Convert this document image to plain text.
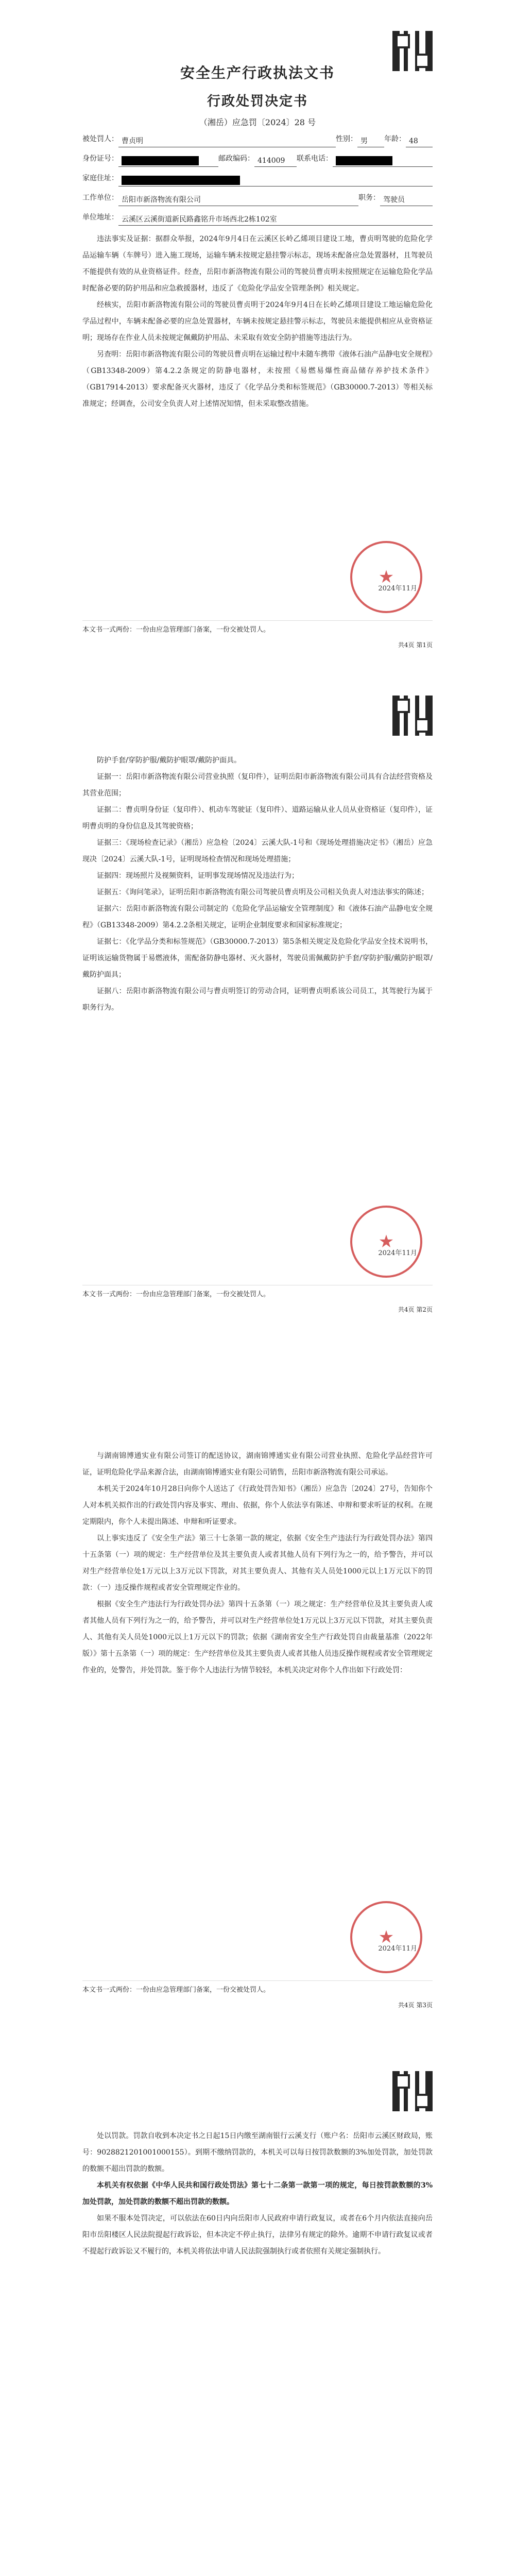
安全生产行政执法文书
行政处罚决定书
（湘岳）应急罚〔2024〕28 号
被处罚人： 曹贞明	性别： 男	年龄： 48
身份证号：	邮政编码： 414009	联系电话：
家庭住址：
工作单位： 岳阳市新洛物流有限公司	职务： 驾驶员
单位地址： 云溪区云溪街道新民路鑫铭升市场西北2栋102室

违法事实及证据：据群众举报，2024年9月4日在云溪区长岭乙烯项目建设工地，曹贞明驾驶的危险化学品运输车辆（车牌号）进入施工现场，运输车辆未按规定悬挂警示标志，现场未配备应急处置器材，且驾驶员不能提供有效的从业资格证件。经查，岳阳市新洛物流有限公司的驾驶员曹贞明未按照规定在运输危险化学品时配备必要的防护用品和应急救援器材，违反了《危险化学品安全管理条例》相关规定。

经核实，岳阳市新洛物流有限公司的驾驶员曹贞明于2024年9月4日在长岭乙烯项目建设工地运输危险化学品过程中，车辆未配备必要的应急处置器材，车辆未按规定悬挂警示标志，驾驶员未能提供相应从业资格证明；现场存在作业人员未按规定佩戴防护用品、未采取有效安全防护措施等违法行为。

另查明：岳阳市新洛物流有限公司的驾驶员曹贞明在运输过程中未随车携带《液体石油产品静电安全规程》（GB13348-2009）第4.2.2条规定的防静电器材，未按照《易燃易爆性商品储存养护技术条件》（GB17914-2013）要求配备灭火器材，违反了《化学品分类和标签规范》（GB30000.7-2013）等相关标准规定；经调查，公司安全负责人对上述情况知情，但未采取整改措施。

★
2024年11月
本文书一式两份：一份由应急管理部门备案，一份交被处罚人。
共4页 第1页

防护手套/穿防护服/戴防护眼罩/戴防护面具。

证据一：岳阳市新洛物流有限公司营业执照（复印件），证明岳阳市新洛物流有限公司具有合法经营资格及其营业范围；

证据二：曹贞明身份证（复印件）、机动车驾驶证（复印件）、道路运输从业人员从业资格证（复印件），证明曹贞明的身份信息及其驾驶资格；

证据三：《现场检查记录》（湘岳）应急检〔2024〕云溪大队-1号和《现场处理措施决定书》（湘岳）应急现决〔2024〕云溪大队-1号，证明现场检查情况和现场处理措施；

证据四：现场照片及视频资料，证明事发现场情况及违法行为；

证据五：《询问笔录》，证明岳阳市新洛物流有限公司驾驶员曹贞明及公司相关负责人对违法事实的陈述；

证据六：岳阳市新洛物流有限公司制定的《危险化学品运输安全管理制度》和《液体石油产品静电安全规程》（GB13348-2009）第4.2.2条相关规定，证明企业制度要求和国家标准规定；

证据七：《化学品分类和标签规范》（GB30000.7-2013）第5条相关规定及危险化学品安全技术说明书，证明该运输货物属于易燃液体，需配备防静电器材、灭火器材，驾驶员需佩戴防护手套/穿防护服/戴防护眼罩/戴防护面具；

证据八：岳阳市新洛物流有限公司与曹贞明签订的劳动合同，证明曹贞明系该公司员工，其驾驶行为属于职务行为。

★
2024年11月
本文书一式两份：一份由应急管理部门备案，一份交被处罚人。
共4页 第2页

与湖南锦博通实业有限公司签订的配送协议，湖南锦博通实业有限公司营业执照、危险化学品经营许可证，证明危险化学品来源合法，由湖南锦博通实业有限公司销售，岳阳市新洛物流有限公司承运。

本机关于2024年10月28日向你个人送达了《行政处罚告知书》（湘岳）应急告〔2024〕27号，告知你个人对本机关拟作出的行政处罚内容及事实、理由、依据，你个人依法享有陈述、申辩和要求听证的权利。在规定期限内，你个人未提出陈述、申辩和听证要求。

以上事实违反了《安全生产法》第三十七条第一款的规定，依据《安全生产违法行为行政处罚办法》第四十五条第（一）项的规定：生产经营单位及其主要负责人或者其他人员有下列行为之一的，给予警告，并可以对生产经营单位处1万元以上3万元以下罚款，对其主要负责人、其他有关人员处1000元以上1万元以下的罚款：（一）违反操作规程或者安全管理规定作业的。

根据《安全生产违法行为行政处罚办法》第四十五条第（一）项之规定：生产经营单位及其主要负责人或者其他人员有下列行为之一的，给予警告，并可以对生产经营单位处1万元以上3万元以下罚款，对其主要负责人、其他有关人员处1000元以上1万元以下的罚款；依据《湖南省安全生产行政处罚自由裁量基准（2022年版）》第十五条第（一）项的规定：生产经营单位及其主要负责人或者其他人员违反操作规程或者安全管理规定作业的，处警告，并处罚款。鉴于你个人违法行为情节较轻，本机关决定对你个人作出如下行政处罚：

★
2024年11月
本文书一式两份：一份由应急管理部门备案，一份交被处罚人。
共4页 第3页

处以罚款。罚款自收到本决定书之日起15日内缴至湖南银行云溪支行（账户名：岳阳市云溪区财政局，账号：9028821201001000155）。到期不缴纳罚款的，本机关可以每日按罚款数额的3%加处罚款，加处罚款的数额不超出罚款的数额。

本机关有权依据《中华人民共和国行政处罚法》第七十二条第一款第一项的规定，每日按罚款数额的3%加处罚款，加处罚款的数额不超出罚款的数额。

如果不服本处罚决定，可以依法在60日内向岳阳市人民政府申请行政复议，或者在6个月内依法直接向岳阳市岳阳楼区人民法院提起行政诉讼，但本决定不停止执行，法律另有规定的除外。逾期不申请行政复议或者不提起行政诉讼又不履行的，本机关将依法申请人民法院强制执行或者依照有关规定强制执行。
